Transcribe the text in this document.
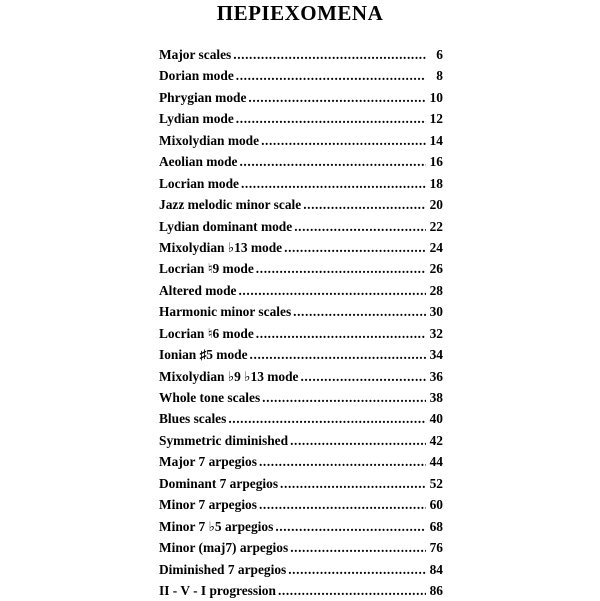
ΠΕΡΙΕΧΟΜΕΝΑ
Major scales .....	6
Dorian mode .....	8
Phrygian mode .....	10
Lydian mode .....	12
Mixolydian mode .....	14
Aeolian mode .....	16
Locrian mode .....	18
Jazz melodic minor scale .....	20
Lydian dominant mode .....	22
Mixolydian ♭13 mode .....	24
Locrian ♮9 mode .....	26
Altered mode .....	28
Harmonic minor scales .....	30
Locrian ♮6 mode .....	32
Ionian ♯5 mode .....	34
Mixolydian ♭9 ♭13 mode .....	36
Whole tone scales .....	38
Blues scales .....	40
Symmetric diminished .....	42
Major 7 arpegios .....	44
Dominant 7 arpegios .....	52
Minor 7 arpegios .....	60
Minor 7 ♭5 arpegios .....	68
Minor (maj7) arpegios .....	76
Diminished 7 arpegios .....	84
II - V - I progression .....	86
